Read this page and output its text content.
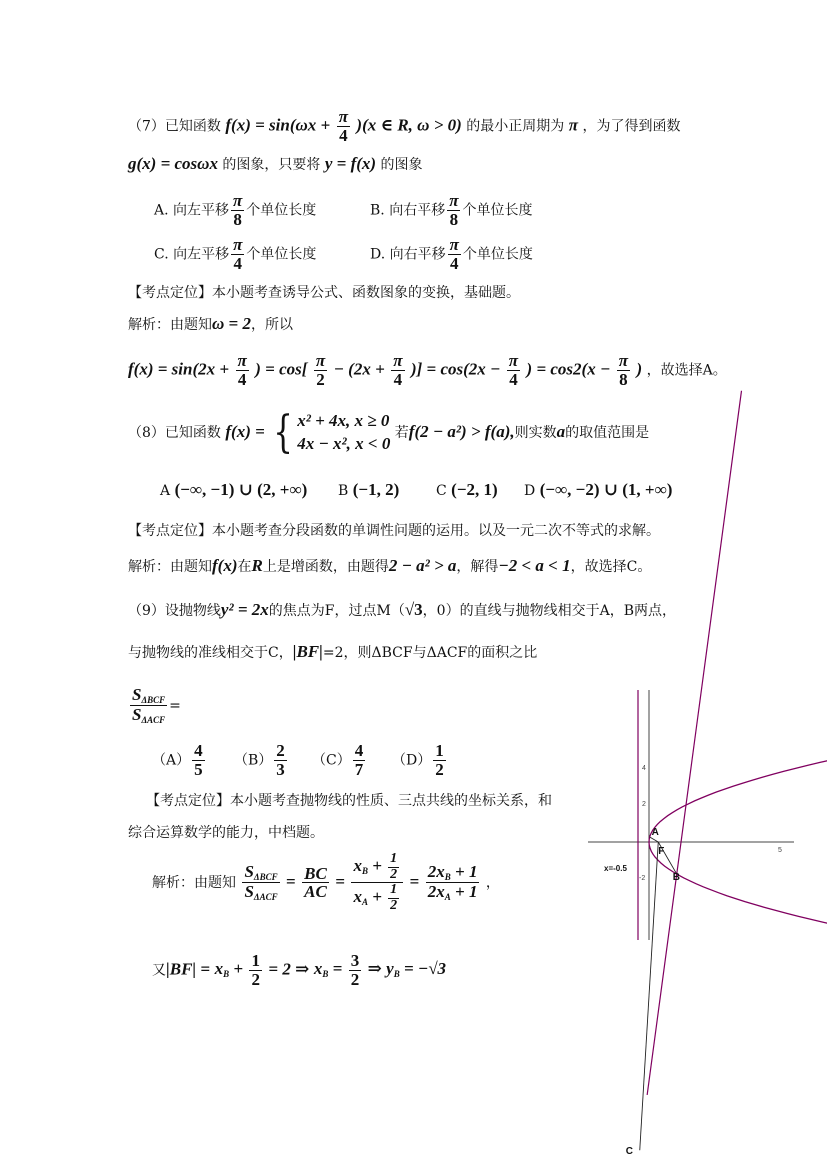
（7）已知函数 $f(x) = \sin(\omega x + \frac{\pi}{4} )(x$ ∈ R, ω > 0) 的最小正周期为 π ，为了得到函数
g(x) = cosωx 的图象，只要将 y = f(x) 的图象
A. 向左平移 $\frac{\pi}{8}$ 个单位长度	B. 向右平移 $\frac{\pi}{8}$ 个单位长度
C. 向左平移 $\frac{\pi}{4}$ 个单位长度	D. 向右平移 $\frac{\pi}{4}$ 个单位长度
【考点定位】本小题考查诱导公式、函数图象的变换，基础题。
解析：由题知ω = 2，所以
$f(x) = \sin(2x + \frac{\pi}{4}$ ) = $\cos[ \frac{\pi}{2} - (2x + \frac{\pi}{4}$ )] = $\cos(2x - \frac{\pi}{4}$ ) = $\cos 2(x - \frac{\pi}{8}$ ) ，故选择A。
（8）已知函数 f(x) = { x² + 4x, x ≥ 0
4x − x², x < 0
若f(2 − a²) > f(a),则实数a的取值范围是
A (−∞, −1) ∪ (2, +∞) B (−1, 2)	C (−2, 1) D (−∞, −2) ∪ (1, +∞)
【考点定位】本小题考查分段函数的单调性问题的运用。以及一元二次不等式的求解。
解析：由题知f(x)在R上是增函数，由题得2 − a² > a，解得−2 < a < 1，故选择C。
（9）设抛物线y² = 2x的焦点为F，过点M（√3，0）的直线与抛物线相交于A，B两点，
与抛物线的准线相交于C，|BF|=2，则ΔBCF与ΔACF的面积之比
$\frac{S_{\Delta BCF}}{S_{\Delta ACF}}$ =
$(A) \frac{4}{5} (B) \frac{2}{3} (C) \frac{4}{7} (D) \frac{1}{2}$
【考点定位】本小题考查抛物线的性质、三点共线的坐标关系，和
综合运算数学的能力，中档题。
解析：由题知 $\frac{S_{\Delta BCF}}{S_{\Delta ACF}} = \frac{BC}{AC} = \frac{x_B + \frac{1}{2}}{x_A + \frac{1}{2}} = \frac{2x_B + 1}{2x_A + 1}$ ，
又$|BF| = x_B + \frac{1}{2} = 2$ ⇒ $x_B = \frac{3}{2}$ ⇒ $y_B = -√3$
5
4
2
-2
x=-0.5
C
A
F
B
